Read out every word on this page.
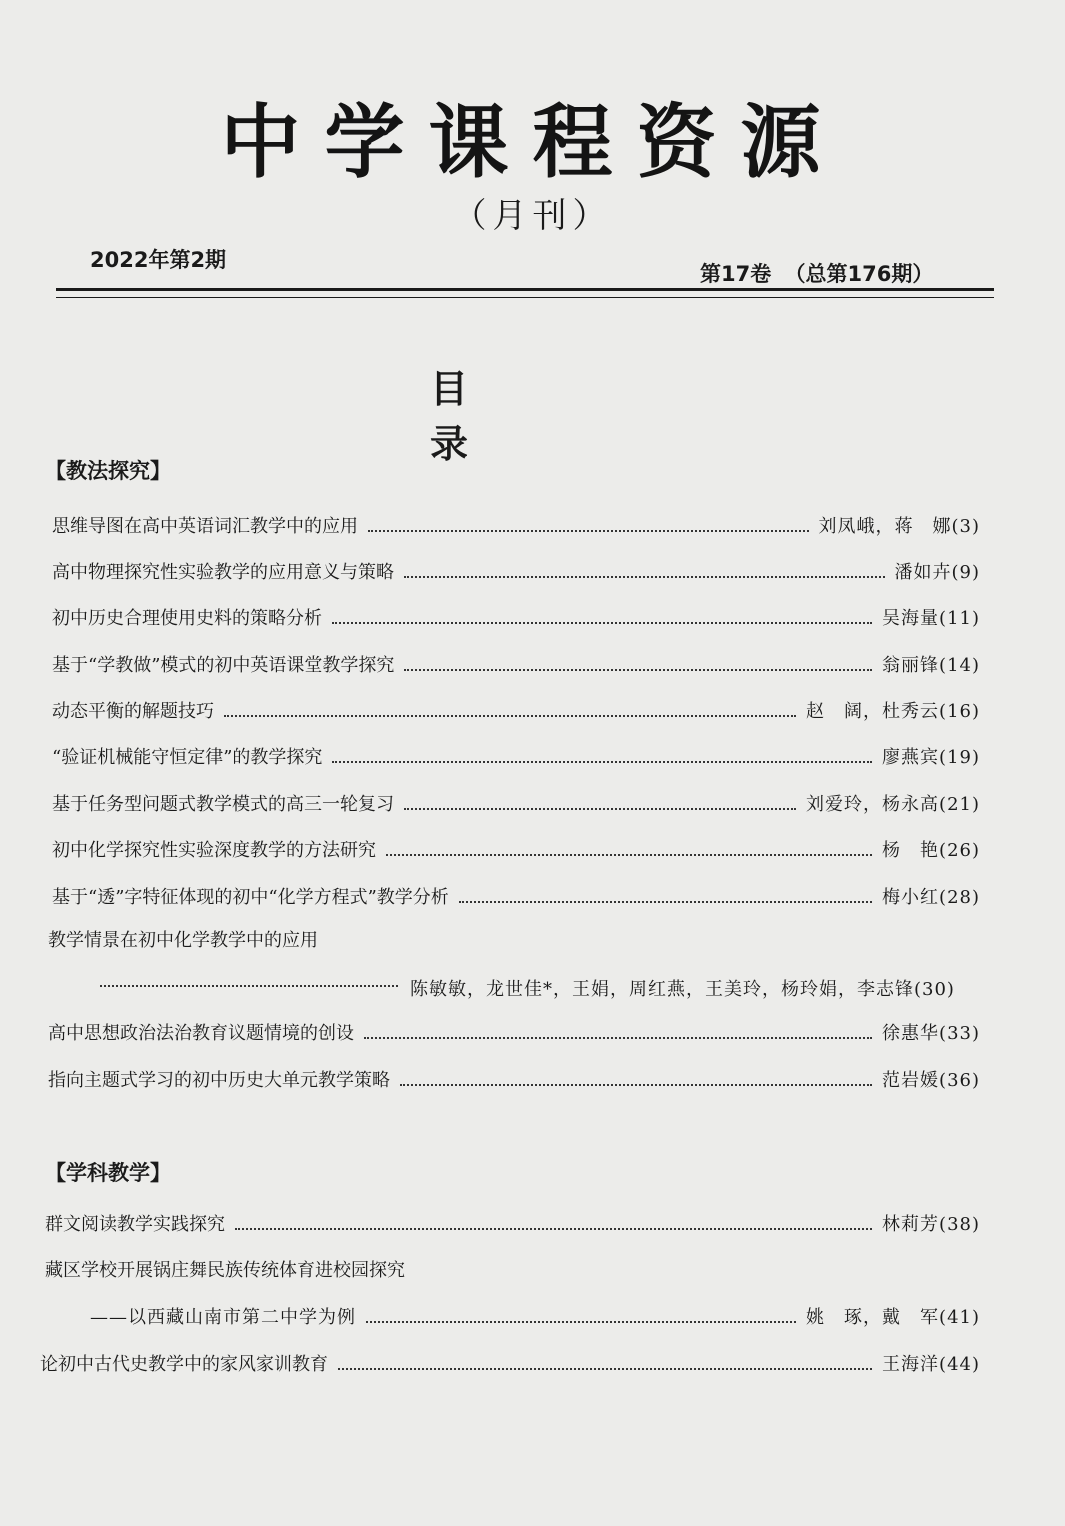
中学课程资源
（月刊）
2022年第2期
第17卷 （总第176期）
目录
【教法探究】
思维导图在高中英语词汇教学中的应用	刘凤峨，蒋　娜(3)
高中物理探究性实验教学的应用意义与策略	潘如卉(9)
初中历史合理使用史料的策略分析	吴海量(11)
基于“学教做”模式的初中英语课堂教学探究	翁丽锋(14)
动态平衡的解题技巧	赵　阔，杜秀云(16)
“验证机械能守恒定律”的教学探究	廖燕宾(19)
基于任务型问题式教学模式的高三一轮复习	刘爱玲，杨永高(21)
初中化学探究性实验深度教学的方法研究	杨　艳(26)
基于“透”字特征体现的初中“化学方程式”教学分析	梅小红(28)
教学情景在初中化学教学中的应用
陈敏敏，龙世佳*，王娟，周红燕，王美玲，杨玲娟，李志锋(30)
高中思想政治法治教育议题情境的创设	徐惠华(33)
指向主题式学习的初中历史大单元教学策略	范岩媛(36)
【学科教学】
群文阅读教学实践探究	林莉芳(38)
藏区学校开展锅庄舞民族传统体育进校园探究
——以西藏山南市第二中学为例	姚　琢，戴　军(41)
论初中古代史教学中的家风家训教育	王海洋(44)
